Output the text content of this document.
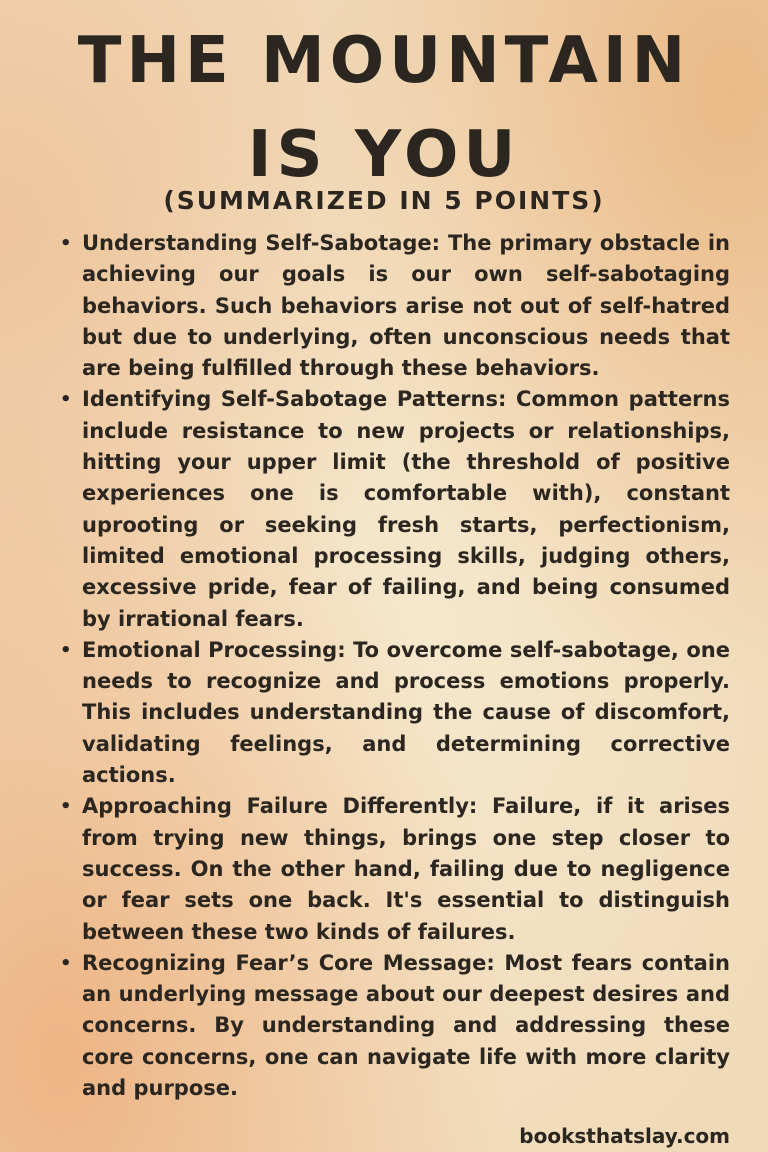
THE MOUNTAIN
IS YOU
(SUMMARIZED IN 5 POINTS)
• Understanding Self-Sabotage: The primary obstacle in achieving our goals is our own self-sabotaging behaviors. Such behaviors arise not out of self-hatred but due to underlying, often unconscious needs that are being fulfilled through these behaviors.
• Identifying Self-Sabotage Patterns: Common patterns include resistance to new projects or relationships, hitting your upper limit (the threshold of positive experiences one is comfortable with), constant uprooting or seeking fresh starts, perfectionism, limited emotional processing skills, judging others, excessive pride, fear of failing, and being consumed by irrational fears.
• Emotional Processing: To overcome self-sabotage, one needs to recognize and process emotions properly. This includes understanding the cause of discomfort, validating feelings, and determining corrective actions.
• Approaching Failure Differently: Failure, if it arises from trying new things, brings one step closer to success. On the other hand, failing due to negligence or fear sets one back. It's essential to distinguish between these two kinds of failures.
• Recognizing Fear’s Core Message: Most fears contain an underlying message about our deepest desires and concerns. By understanding and addressing these core concerns, one can navigate life with more clarity and purpose.
booksthatslay.com
